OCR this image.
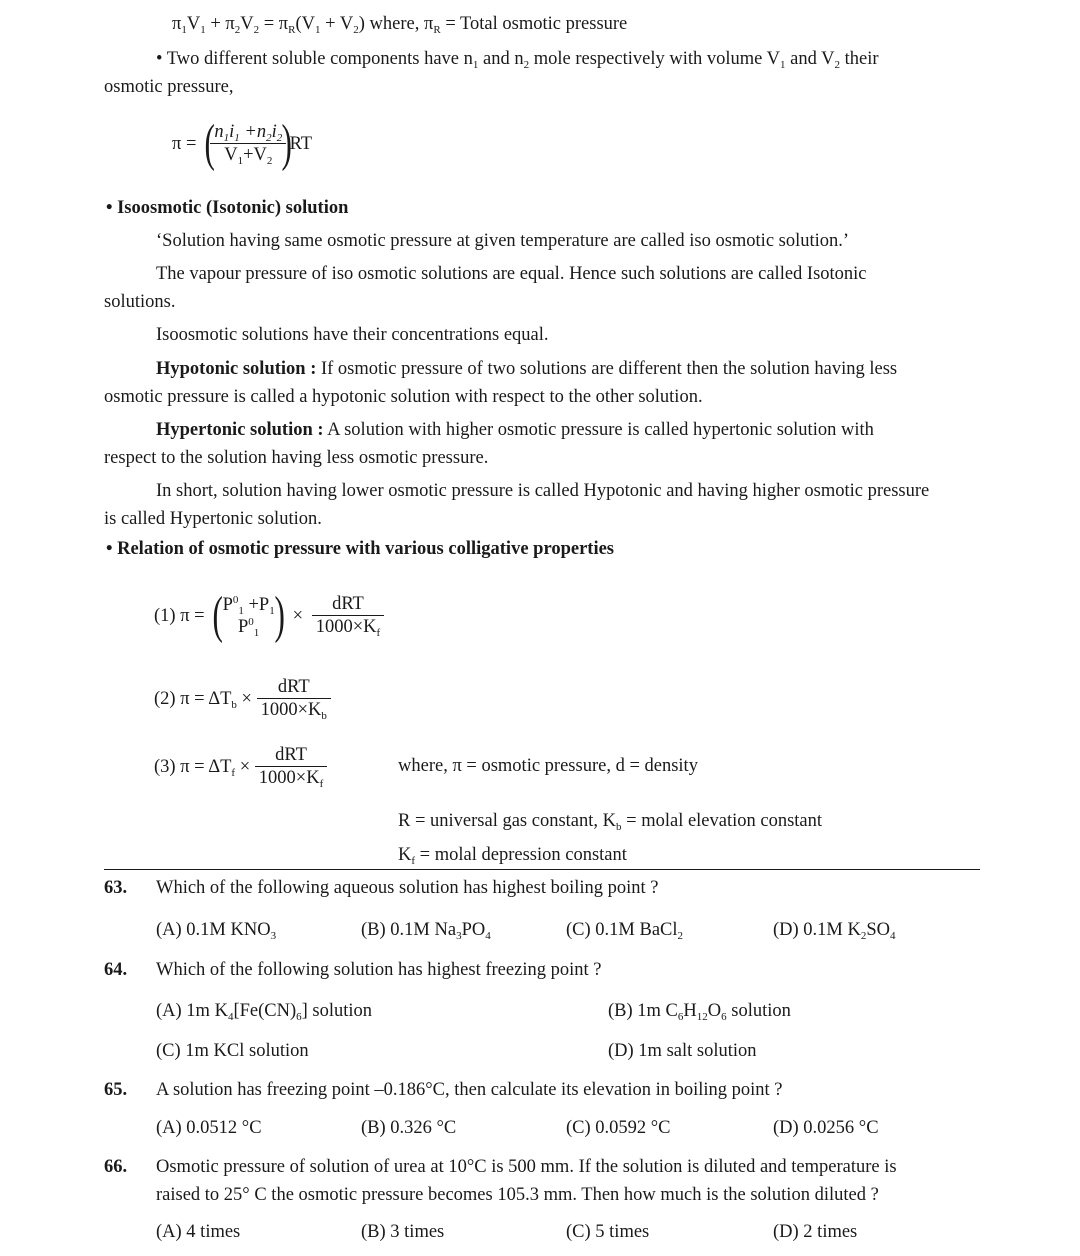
$\pi_1V_1 + \pi_2V_2 = \pi_R(V_1 + V_2)$ where, $\pi_R$ = Total osmotic pressure
• Two different soluble components have $n_1$ and $n_2$ mole respectively with volume $V_1$ and $V_2$ their
osmotic pressure,
π = (
$\frac{n_1i_1 +n_2i_2}{V_1+V_2}$
)RT
• Isoosmotic (Isotonic) solution
‘Solution having same osmotic pressure at given temperature are called iso osmotic solution.’
The vapour pressure of iso osmotic solutions are equal. Hence such solutions are called Isotonic
solutions.
Isoosmotic solutions have their concentrations equal.
Hypotonic solution : If osmotic pressure of two solutions are different then the solution having less
osmotic pressure is called a hypotonic solution with respect to the other solution.
Hypertonic solution : A solution with higher osmotic pressure is called hypertonic solution with
respect to the solution having less osmotic pressure.
In short, solution having lower osmotic pressure is called Hypotonic and having higher osmotic pressure
is called Hypertonic solution.
• Relation of osmotic pressure with various colligative properties
(1) π = ( $P^0_1 +P_1$
$P^0_1$ ) × $\frac{\text{dRT}}{1000\times K_f}$
(2) $\pi = \Delta T_b \times \frac{\text{dRT}}{1000\times K_b}$
(3) $\pi = \Delta T_f \times \frac{\text{dRT}}{1000\times K_f}$	where, π = osmotic pressure, d = density
R = universal gas constant, $K_b$ = molal elevation constant
$K_f$ = molal depression constant
63. Which of the following aqueous solution has highest boiling point ?
(A) 0.1M $KNO_3$	(B) 0.1M $Na_3PO_4$	(C) 0.1M BaCl$_2$	(D) 0.1M $K_2SO_4$
64. Which of the following solution has highest freezing point ?
(A) 1m $K_4[Fe(CN)_6]$ solution	(B) 1m $C_6H_{12}O_6$ solution
(C) 1m KCl solution	(D) 1m salt solution
65. A solution has freezing point –0.186°C, then calculate its elevation in boiling point ?
(A) 0.0512 °C	(B) 0.326 °C	(C) 0.0592 °C	(D) 0.0256 °C
66. Osmotic pressure of solution of urea at 10°C is 500 mm. If the solution is diluted and temperature is
raised to 25° C the osmotic pressure becomes 105.3 mm. Then how much is the solution diluted ?
(A) 4 times	(B) 3 times	(C) 5 times	(D) 2 times
